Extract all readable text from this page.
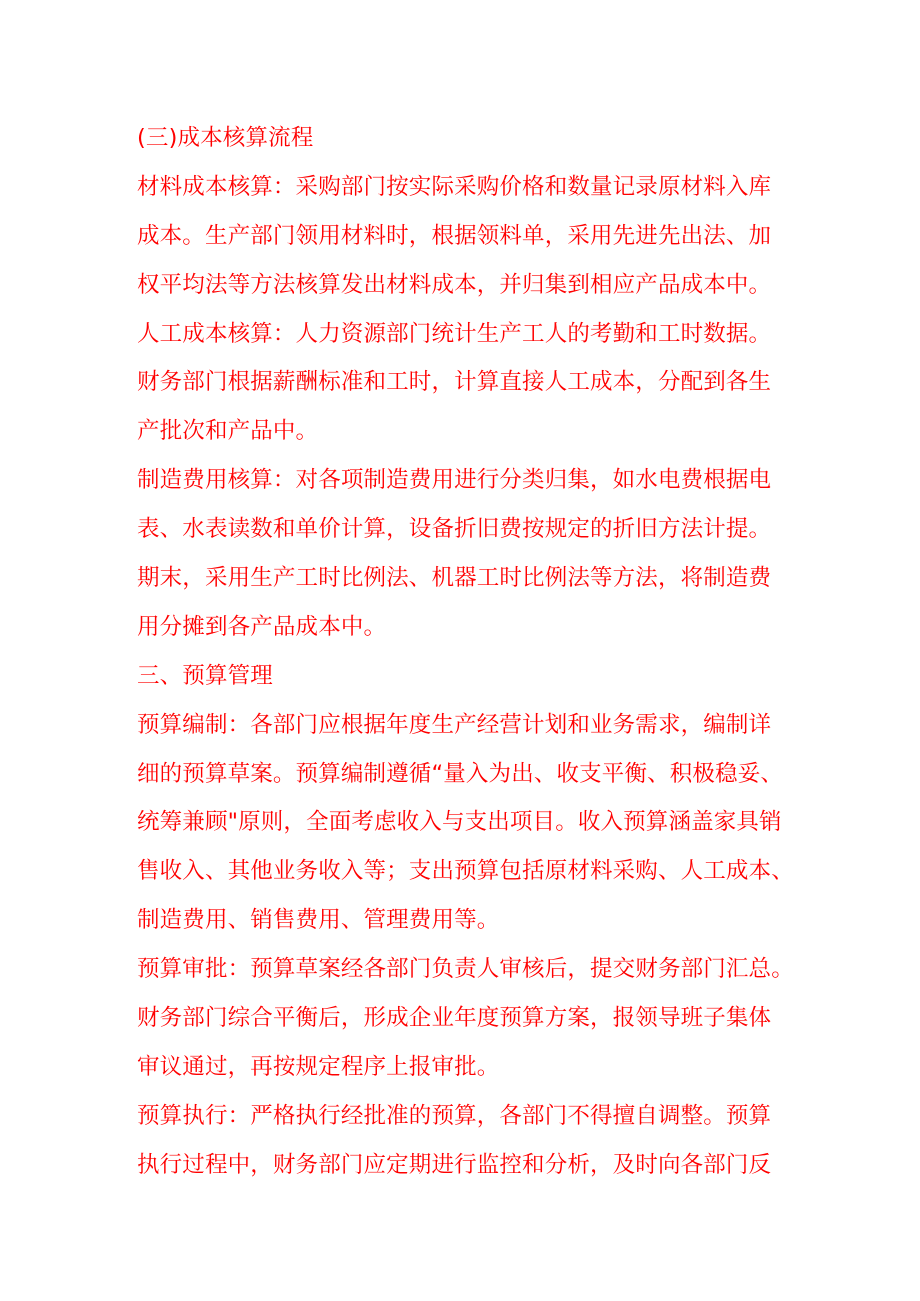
(三)成本核算流程
材料成本核算：采购部门按实际采购价格和数量记录原材料入库
成本。生产部门领用材料时，根据领料单，采用先进先出法、加
权平均法等方法核算发出材料成本，并归集到相应产品成本中。
人工成本核算：人力资源部门统计生产工人的考勤和工时数据。
财务部门根据薪酬标准和工时，计算直接人工成本，分配到各生
产批次和产品中。
制造费用核算：对各项制造费用进行分类归集，如水电费根据电
表、水表读数和单价计算，设备折旧费按规定的折旧方法计提。
期末，采用生产工时比例法、机器工时比例法等方法，将制造费
用分摊到各产品成本中。
三、预算管理
预算编制：各部门应根据年度生产经营计划和业务需求，编制详
细的预算草案。预算编制遵循“量入为出、收支平衡、积极稳妥、
统筹兼顾"原则，全面考虑收入与支出项目。收入预算涵盖家具销
售收入、其他业务收入等；支出预算包括原材料采购、人工成本、
制造费用、销售费用、管理费用等。
预算审批：预算草案经各部门负责人审核后，提交财务部门汇总。
财务部门综合平衡后，形成企业年度预算方案，报领导班子集体
审议通过，再按规定程序上报审批。
预算执行：严格执行经批准的预算，各部门不得擅自调整。预算
执行过程中，财务部门应定期进行监控和分析，及时向各部门反
